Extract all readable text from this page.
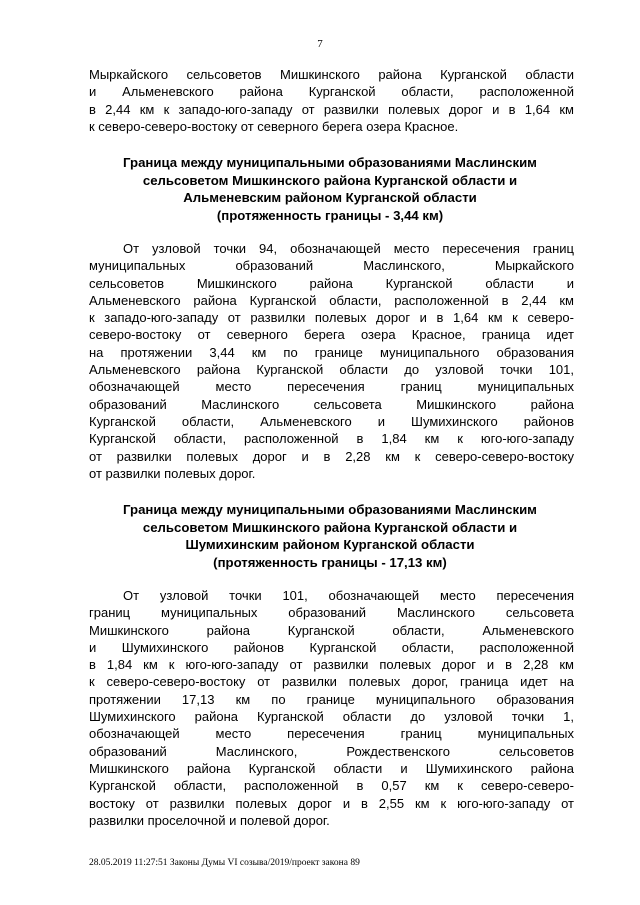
7
Мыркайского сельсоветов Мишкинского района Курганской области
и Альменевского района Курганской области, расположенной
в 2,44 км к западо-юго-западу от развилки полевых дорог и в 1,64 км
к северо-северо-востоку от северного берега озера Красное.
Граница между муниципальными образованиями Маслинским
сельсоветом Мишкинского района Курганской области и
Альменевским районом Курганской области
(протяженность границы - 3,44 км)
От узловой точки 94, обозначающей место пересечения границ
муниципальных образований Маслинского, Мыркайского
сельсоветов Мишкинского района Курганской области и
Альменевского района Курганской области, расположенной в 2,44 км
к западо-юго-западу от развилки полевых дорог и в 1,64 км к северо-
северо-востоку от северного берега озера Красное, граница идет
на протяжении 3,44 км по границе муниципального образования
Альменевского района Курганской области до узловой точки 101,
обозначающей место пересечения границ муниципальных
образований Маслинского сельсовета Мишкинского района
Курганской области, Альменевского и Шумихинского районов
Курганской области, расположенной в 1,84 км к юго-юго-западу
от развилки полевых дорог и в 2,28 км к северо-северо-востоку
от развилки полевых дорог.
Граница между муниципальными образованиями Маслинским
сельсоветом Мишкинского района Курганской области и
Шумихинским районом Курганской области
(протяженность границы - 17,13 км)
От узловой точки 101, обозначающей место пересечения
границ муниципальных образований Маслинского сельсовета
Мишкинского района Курганской области, Альменевского
и Шумихинского районов Курганской области, расположенной
в 1,84 км к юго-юго-западу от развилки полевых дорог и в 2,28 км
к северо-северо-востоку от развилки полевых дорог, граница идет на
протяжении 17,13 км по границе муниципального образования
Шумихинского района Курганской области до узловой точки 1,
обозначающей место пересечения границ муниципальных
образований Маслинского, Рождественского сельсоветов
Мишкинского района Курганской области и Шумихинского района
Курганской области, расположенной в 0,57 км к северо-северо-
востоку от развилки полевых дорог и в 2,55 км к юго-юго-западу от
развилки проселочной и полевой дорог.
28.05.2019 11:27:51 Законы Думы VI созыва/2019/проект закона 89
